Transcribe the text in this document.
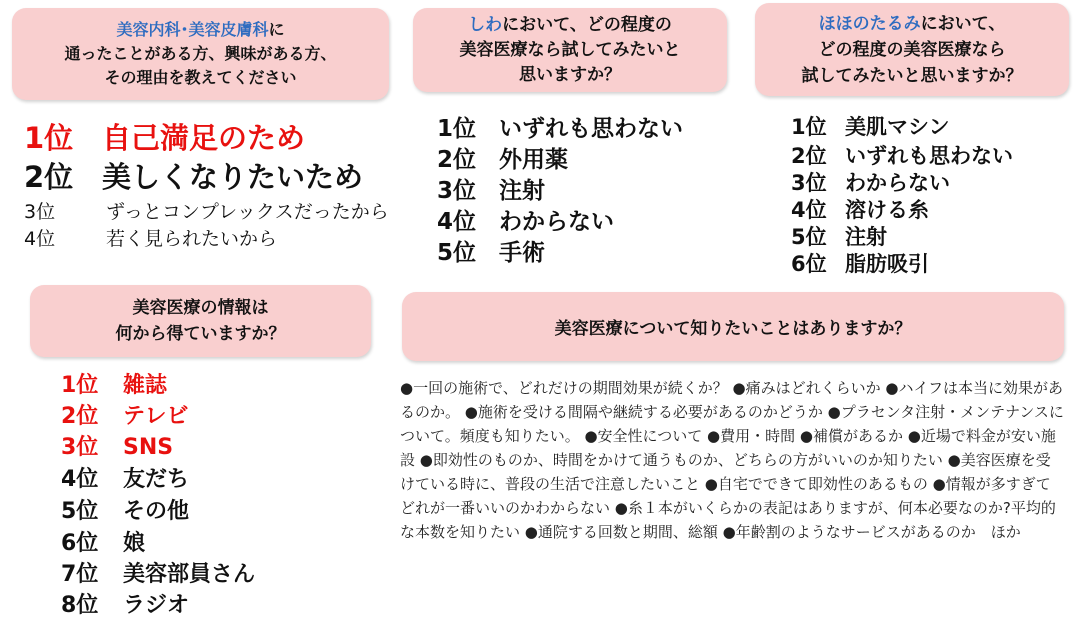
美容内科･美容皮膚科に
通ったことがある方、興味がある方、
その理由を教えてください
しわにおいて、どの程度の
美容医療なら試してみたいと
思いますか？
ほほのたるみにおいて、
どの程度の美容医療なら
試してみたいと思いますか？
美容医療の情報は
何から得ていますか？	美容医療について知りたいことはありますか？
1位 自己満足のため
2位 美しくなりたいため
3位	ずっとコンプレックスだったから
4位	若く見られたいから
1位 いずれも思わない
2位 外用薬
3位 注射
4位 わからない
5位 手術
1位 美肌マシン
2位 いずれも思わない
3位 わからない
4位 溶ける糸
5位 注射
6位 脂肪吸引
1位 雑誌
2位 テレビ
3位 SNS
4位 友だち
5位 その他
6位 娘
7位 美容部員さん
8位 ラジオ
●一回の施術で、どれだけの期間効果が続くか？ ●痛みはどれくらいか ●ハイフは本当に効果があるのか。 ●施術を受ける間隔や継続する必要があるのかどうか ●プラセンタ注射・メンテナンスについて。頻度も知りたい。 ●安全性について ●費用・時間 ●補償があるか ●近場で料金が安い施設 ●即効性のものか、時間をかけて通うものか、どちらの方がいいのか知りたい ●美容医療を受けている時に、普段の生活で注意したいこと ●自宅でできて即効性のあるもの ●情報が多すぎてどれが一番いいのかわからない ●糸１本がいくらかの表記はありますが、何本必要なのか?平均的な本数を知りたい ●通院する回数と期間、総額 ●年齢割のようなサービスがあるのか　ほか
